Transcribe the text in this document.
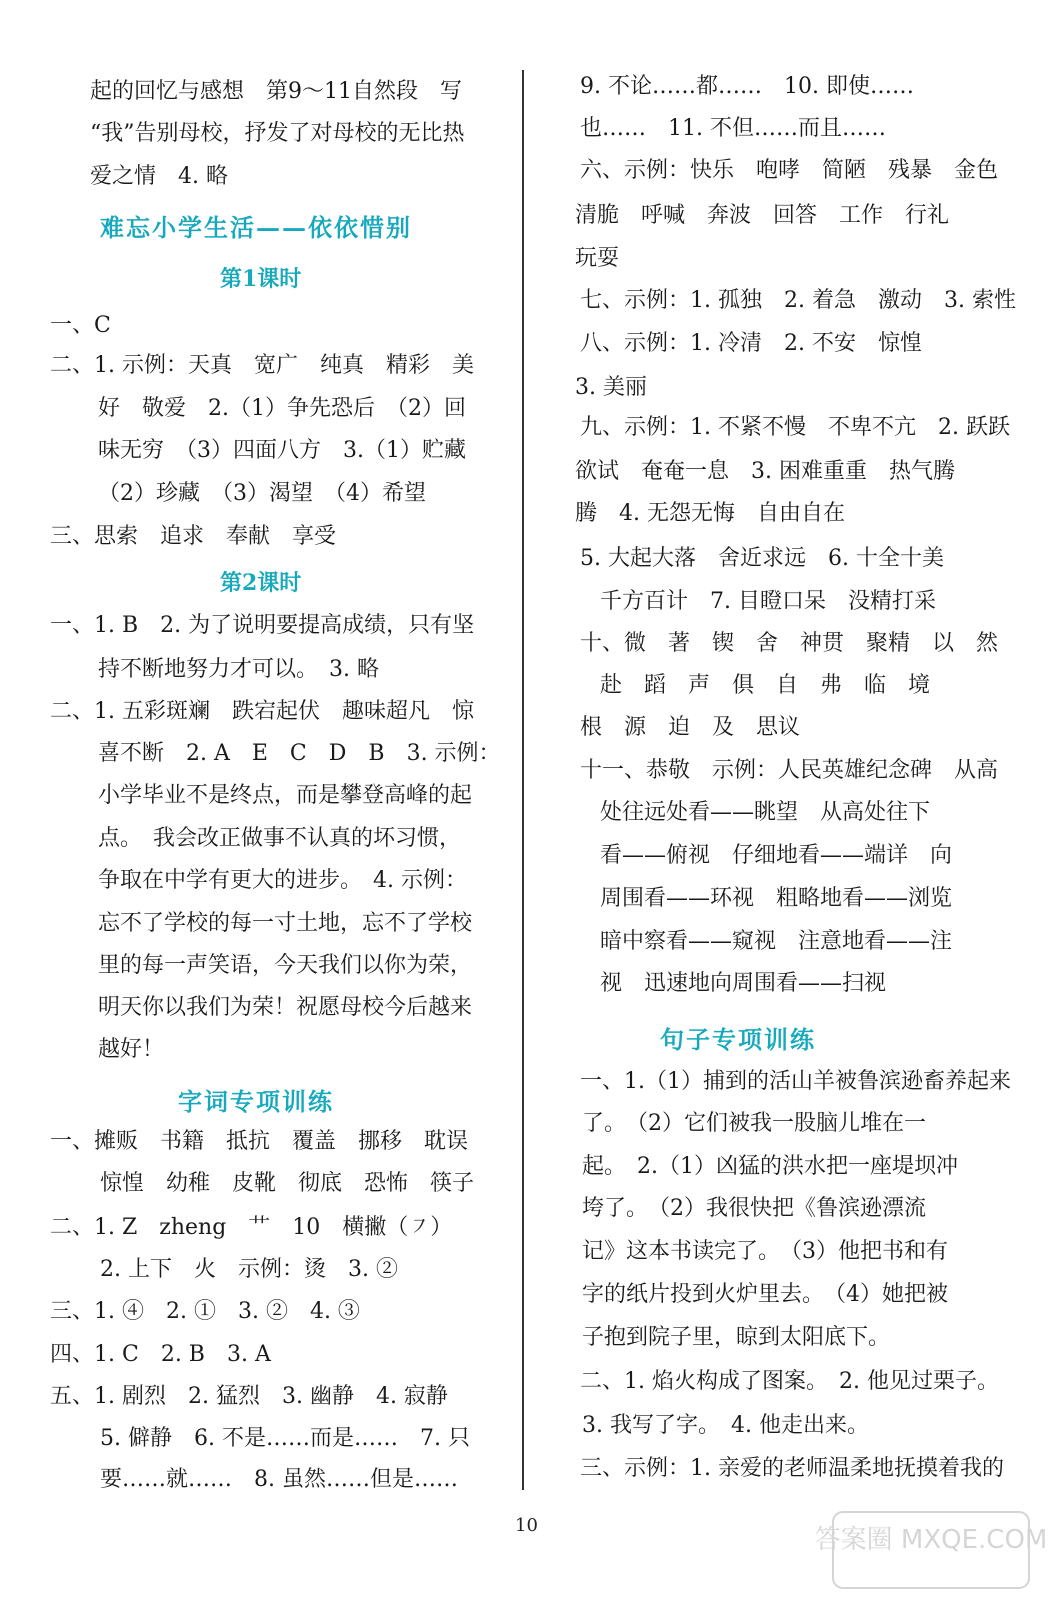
起的回忆与感想　第9～11自然段　写
“我”告别母校，抒发了对母校的无比热
爱之情　4. 略
难忘小学生活——依依惜别
第1课时
一、C
二、1. 示例：天真　宽广　纯真　精彩　美
好　敬爱　2.（1）争先恐后　（2）回
味无穷　（3）四面八方　3.（1）贮藏
（2）珍藏　（3）渴望　（4）希望
三、思索　追求　奉献　享受
第2课时
一、1. B　2. 为了说明要提高成绩，只有坚
持不断地努力才可以。　3. 略
二、1. 五彩斑斓　跌宕起伏　趣味超凡　惊
喜不断　2. A　E　C　D　B　3. 示例：
小学毕业不是终点，而是攀登高峰的起
点。　我会改正做事不认真的坏习惯，
争取在中学有更大的进步。　4. 示例：
忘不了学校的每一寸土地，忘不了学校
里的每一声笑语，今天我们以你为荣，
明天你以我们为荣！祝愿母校今后越来
越好！
字词专项训练
一、摊贩　书籍　抵抗　覆盖　挪移　耽误
惊惶　幼稚　皮靴　彻底　恐怖　筷子
二、1. Z　zheng　艹　10　横撇（㇇）
2. 上下　火　示例：烫　3. ②
三、1. ④　2. ①　3. ②　4. ③
四、1. C　2. B　3. A
五、1. 剧烈　2. 猛烈　3. 幽静　4. 寂静
5. 僻静　6. 不是……而是……　7. 只
要……就……　8. 虽然……但是……
9. 不论……都……　10. 即使……
也……　11. 不但……而且……
六、示例：快乐　咆哮　简陋　残暴　金色
清脆　呼喊　奔波　回答　工作　行礼
玩耍
七、示例：1. 孤独　2. 着急　激动　3. 索性
八、示例：1. 冷清　2. 不安　惊惶
3. 美丽
九、示例：1. 不紧不慢　不卑不亢　2. 跃跃
欲试　奄奄一息　3. 困难重重　热气腾
腾　4. 无怨无悔　自由自在
5. 大起大落　舍近求远　6. 十全十美
千方百计　7. 目瞪口呆　没精打采
十、微　著　锲　舍　神贯　聚精　以　然
赴　蹈　声　俱　自　弗　临　境
根　源　迫　及　思议
十一、恭敬　示例：人民英雄纪念碑　从高
处往远处看——眺望　从高处往下
看——俯视　仔细地看——端详　向
周围看——环视　粗略地看——浏览
暗中察看——窥视　注意地看——注
视　迅速地向周围看——扫视
句子专项训练
一、1.（1）捕到的活山羊被鲁滨逊畜养起来
了。　（2）它们被我一股脑儿堆在一
起。　2.（1）凶猛的洪水把一座堤坝冲
垮了。　（2）我很快把《鲁滨逊漂流
记》这本书读完了。　（3）他把书和有
字的纸片投到火炉里去。　（4）她把被
子抱到院子里，晾到太阳底下。
二、1. 焰火构成了图案。　2. 他见过栗子。
3. 我写了字。　4. 他走出来。
三、示例：1. 亲爱的老师温柔地抚摸着我的
10	答案圈 MXQE.COM
